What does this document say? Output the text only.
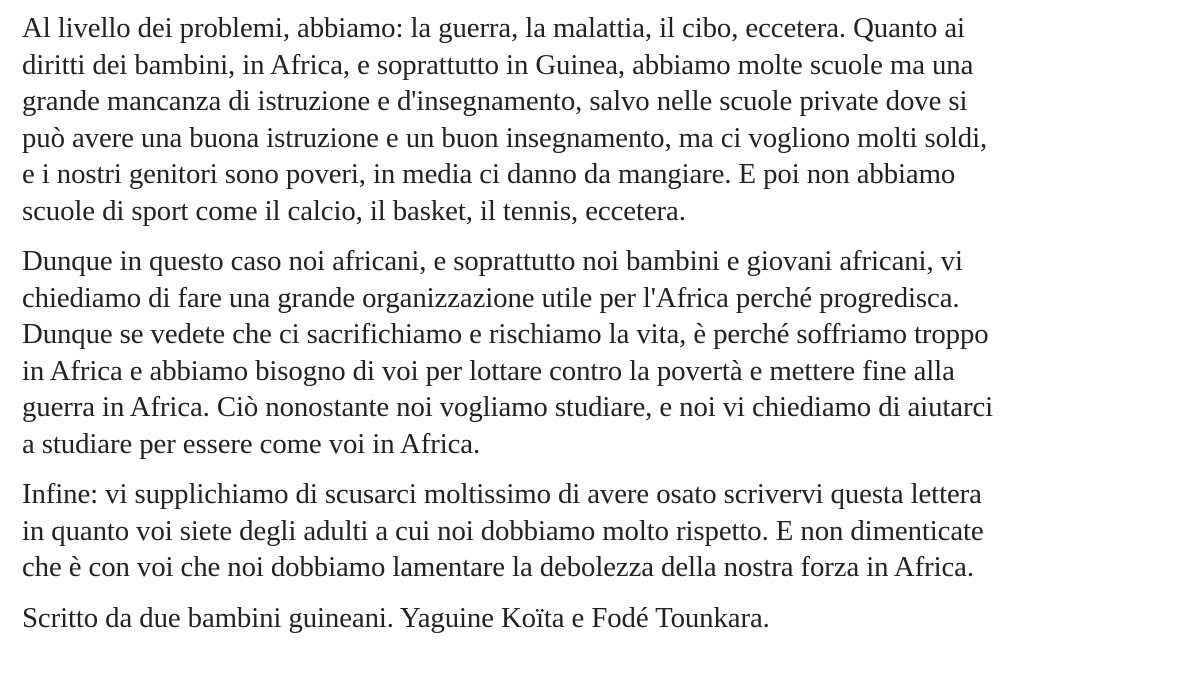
Al livello dei problemi, abbiamo: la guerra, la malattia, il cibo, eccetera. Quanto ai
diritti dei bambini, in Africa, e soprattutto in Guinea, abbiamo molte scuole ma una
grande mancanza di istruzione e d'insegnamento, salvo nelle scuole private dove si
può avere una buona istruzione e un buon insegnamento, ma ci vogliono molti soldi,
e i nostri genitori sono poveri, in media ci danno da mangiare. E poi non abbiamo
scuole di sport come il calcio, il basket, il tennis, eccetera.

Dunque in questo caso noi africani, e soprattutto noi bambini e giovani africani, vi
chiediamo di fare una grande organizzazione utile per l'Africa perché progredisca.
Dunque se vedete che ci sacrifichiamo e rischiamo la vita, è perché soffriamo troppo
in Africa e abbiamo bisogno di voi per lottare contro la povertà e mettere fine alla
guerra in Africa. Ciò nonostante noi vogliamo studiare, e noi vi chiediamo di aiutarci
a studiare per essere come voi in Africa.

Infine: vi supplichiamo di scusarci moltissimo di avere osato scrivervi questa lettera
in quanto voi siete degli adulti a cui noi dobbiamo molto rispetto. E non dimenticate
che è con voi che noi dobbiamo lamentare la debolezza della nostra forza in Africa.

Scritto da due bambini guineani. Yaguine Koïta e Fodé Tounkara.
